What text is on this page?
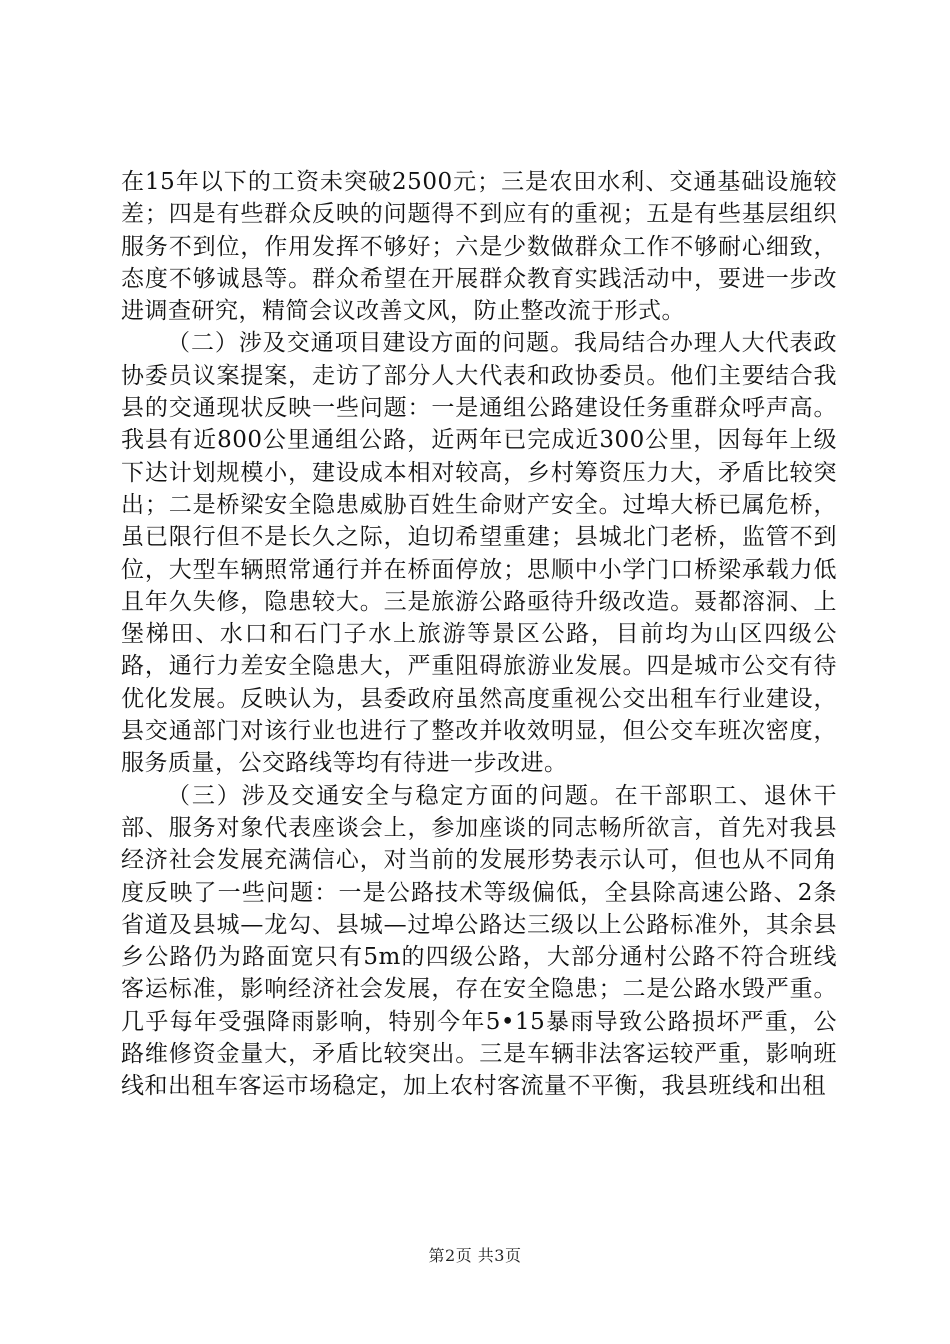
在15年以下的工资未突破2500元；三是农田水利、交通基础设施较差；四是有些群众反映的问题得不到应有的重视；五是有些基层组织服务不到位，作用发挥不够好；六是少数做群众工作不够耐心细致，态度不够诚恳等。群众希望在开展群众教育实践活动中，要进一步改进调查研究，精简会议改善文风，防止整改流于形式。

（二）涉及交通项目建设方面的问题。我局结合办理人大代表政协委员议案提案，走访了部分人大代表和政协委员。他们主要结合我县的交通现状反映一些问题：一是通组公路建设任务重群众呼声高。我县有近800公里通组公路，近两年已完成近300公里，因每年上级下达计划规模小，建设成本相对较高，乡村筹资压力大，矛盾比较突出；二是桥梁安全隐患威胁百姓生命财产安全。过埠大桥已属危桥，虽已限行但不是长久之际，迫切希望重建；县城北门老桥，监管不到位，大型车辆照常通行并在桥面停放；思顺中小学门口桥梁承载力低且年久失修，隐患较大。三是旅游公路亟待升级改造。聂都溶洞、上堡梯田、水口和石门子水上旅游等景区公路，目前均为山区四级公路，通行力差安全隐患大，严重阻碍旅游业发展。四是城市公交有待优化发展。反映认为，县委政府虽然高度重视公交出租车行业建设，县交通部门对该行业也进行了整改并收效明显，但公交车班次密度，服务质量，公交路线等均有待进一步改进。

（三）涉及交通安全与稳定方面的问题。在干部职工、退休干部、服务对象代表座谈会上，参加座谈的同志畅所欲言，首先对我县经济社会发展充满信心，对当前的发展形势表示认可，但也从不同角度反映了一些问题：一是公路技术等级偏低，全县除高速公路、2条省道及县城—龙勾、县城—过埠公路达三级以上公路标准外，其余县乡公路仍为路面宽只有5m的四级公路，大部分通村公路不符合班线客运标准，影响经济社会发展，存在安全隐患；二是公路水毁严重。几乎每年受强降雨影响，特别今年5•15暴雨导致公路损坏严重，公路维修资金量大，矛盾比较突出。三是车辆非法客运较严重，影响班线和出租车客运市场稳定，加上农村客流量不平衡，我县班线和出租

第2页 共3页
